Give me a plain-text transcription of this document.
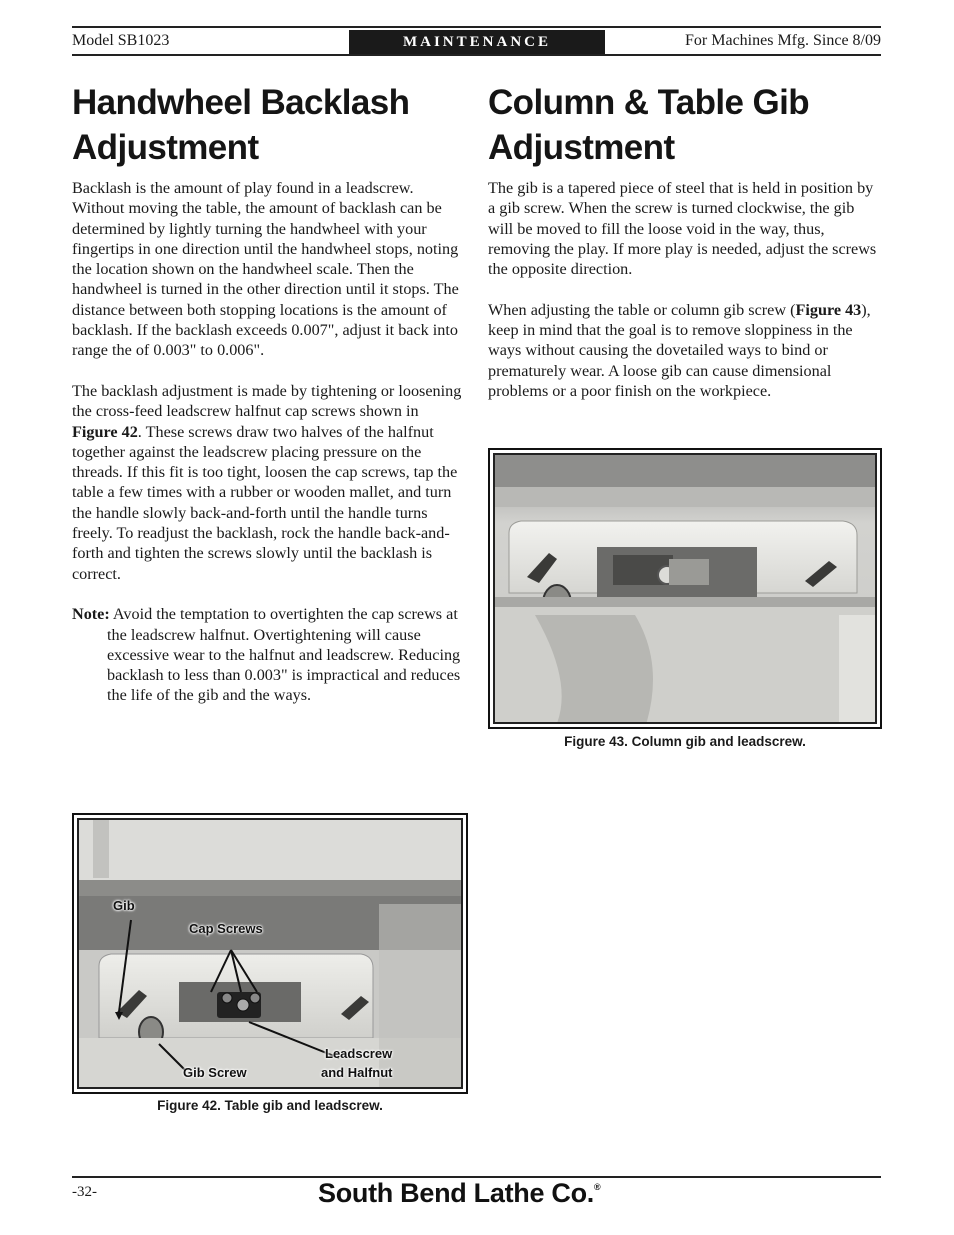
Model SB1023	MAINTENANCE	For Machines Mfg. Since 8/09
Handwheel Backlash Adjustment

Backlash is the amount of play found in a leadscrew. Without moving the table, the amount of backlash can be determined by lightly turning the handwheel with your fingertips in one direction until the handwheel stops, noting the location shown on the handwheel scale. Then the handwheel is turned in the other direction until it stops. The distance between both stopping locations is the amount of backlash. If the backlash exceeds 0.007", adjust it back into range the of 0.003" to 0.006".

The backlash adjustment is made by tightening or loosening the cross-feed leadscrew halfnut cap screws shown in Figure 42. These screws draw two halves of the halfnut together against the leadscrew placing pressure on the threads. If this fit is too tight, loosen the cap screws, tap the table a few times with a rubber or wooden mallet, and turn the handle slowly back-and-forth until the handle turns freely. To readjust the backlash, rock the handle back-and-forth and tighten the screws slowly until the backlash is correct.

Note: Avoid the temptation to overtighten the cap screws at the leadscrew halfnut. Overtightening will cause excessive wear to the halfnut and leadscrew. Reducing backlash to less than 0.003" is impractical and reduces the life of the gib and the ways.

Column & Table Gib Adjustment

The gib is a tapered piece of steel that is held in position by a gib screw. When the screw is turned clockwise, the gib will be moved to fill the loose void in the way, thus, removing the play. If more play is needed, adjust the screws the opposite direction.

When adjusting the table or column gib screw (Figure 43), keep in mind that the goal is to remove sloppiness in the ways without causing the dovetailed ways to bind or prematurely wear. A loose gib can cause dimensional problems or a poor finish on the workpiece.

Figure 43. Column gib and leadscrew.
Gib
Cap Screws
Gib Screw
Leadscrew
and Halfnut
Figure 42. Table gib and leadscrew.
-32-	South Bend Lathe Co.®
